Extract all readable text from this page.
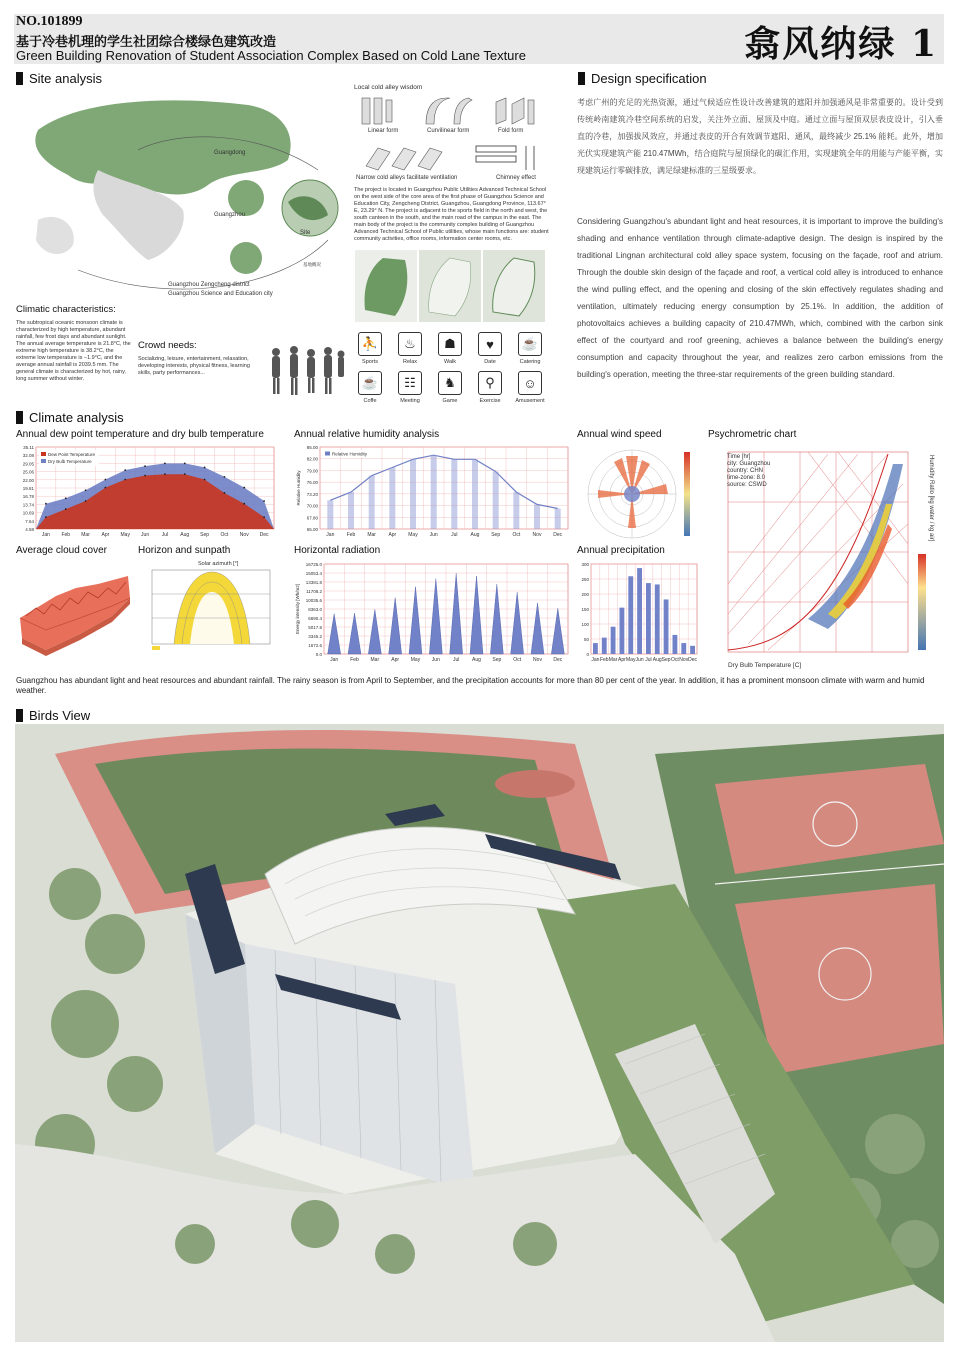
NO.101899
基于冷巷机理的学生社团综合楼绿色建筑改造
Green Building Renovation of Student Association Complex Based on Cold Lane Texture	翕风纳绿 1
Site analysis
Guangdong
Guangzhou
Site
基地概况
Guangzhou Zengcheng district
Guangzhou Science and Education city
Local cold alley wisdom
Linear form	Curvilinear form	Fold form
Narrow cold alleys facilitate ventilation	Chimney effect
The project is located in Guangzhou Public Utilities Advanced Technical School on the west side of the core area of the first phase of Guangzhou Science and Education City, Zengcheng District, Guangzhou, Guangdong Province, 113.67° E, 23.29° N. The project is adjacent to the sports field in the north and west, the south canteen in the south, and the main road of the campus in the east. The main body of the project is the community complex building of Guangzhou Advanced Technical School of Public utilities, whose main functions are: student community activities, office rooms, information center rooms, etc.
Climatic characteristics:
The subtropical oceanic monsoon climate is characterized by high temperature, abundant rainfall, few frost days and abundant sunlight. The annual average temperature is 21.8°C, the extreme high temperature is 38.2°C, the extreme low temperature is −1.9°C, and the average annual rainfall is 2039.5 mm. The general climate is characterized by hot, rainy, long summer without winter.
Crowd needs:
Socializing, leisure, entertainment, relaxation, developing interests, physical fitness, learning skills, party performances...
⛹
Sports
♨
Relax
☗
Walk
♥
Date
☕
Catering
☕
Coffe
☷
Meeting
♞
Game
⚲
Exercise
☺
Amusement
Design specification
考虑广州的充足的光热资源，通过气候适应性设计改善建筑的遮阳并加强通风是非常重要的。设计受到传统岭南建筑冷巷空间系统的启发，关注外立面、屋顶及中庭。通过立面与屋顶双层表皮设计，引入垂直的冷巷，加强拔风效应，并通过表皮的开合有效调节遮阳、通风，最终减少 25.1% 能耗。此外，增加光伏实现建筑产能 210.47MWh，结合庭院与屋顶绿化的碳汇作用，实现建筑全年的用能与产能平衡，实现建筑运行零碳排放，满足绿建标准的三星级要求。
Considering Guangzhou's abundant light and heat resources, it is important to improve the building's shading and enhance ventilation through climate-adaptive design. The design is inspired by the traditional Lingnan architectural cold alley space system, focusing on the façade, roof and atrium. Through the double skin design of the façade and roof, a vertical cold alley is introduced to enhance the wind pulling effect, and the opening and closing of the skin effectively regulates shading and ventilation, ultimately reducing energy consumption by 25.1%. In addition, the addition of photovoltaics achieves a building capacity of 210.47MWh, which, combined with the carbon sink effect of the courtyard and roof greening, achieves a balance between the building's energy consumption and capacity throughout the year, and realizes zero carbon emissions from the building's operation, meeting the three-star requirements of the green building standard.
Climate analysis
Annual dew point temperature and dry bulb temperature	Annual relative humidity analysis	Annual wind speed	Psychrometric chart
Average cloud cover	Horizon and sunpath	Horizontal radiation	Annual precipitation
35.11
32.08
29.05
25.06
22.00
19.81
16.78
13.74
10.69
7.64
4.58
Jan Feb Mar Apr May Jun	Jul Aug Sep Oct Nov Dec
Dew Point Temperature
Dry Bulb Temperature
85.00
82.00
79.00
76.00
73.20
70.00
67.80
65.00
Jan Feb Mar Apr May Jun	Jul	Aug Sep Oct Nov Dec
Relative Humidity
Relative Humidity
Time [hr]
city: Guangzhou
country: CHN
time-zone: 8.0
source: CSWD
Dry Bulb Temperature [C]
Humidity Ratio [kg water / kg air]
Solar azimuth [°]	16725.0
15053.4
13381.8
11708.2
10035.6
8363.0
6690.4
5017.8
3345.2
1672.6
0.0
Jan Feb Mar Apr May Jun	Jul	Aug Sep Oct Nov Dec
Energy intensity [Wh/m2]
300
250
200
150
100
50
0
Jan Feb Mar Apr May Jun Jul Aug Sep Oct Nov Dec
Guangzhou has abundant light and heat resources and abundant rainfall. The rainy season is from April to September, and the precipitation accounts for more than 80 per cent of the year. In addition, it has a prominent monsoon climate with warm and humid weather.
Birds View
